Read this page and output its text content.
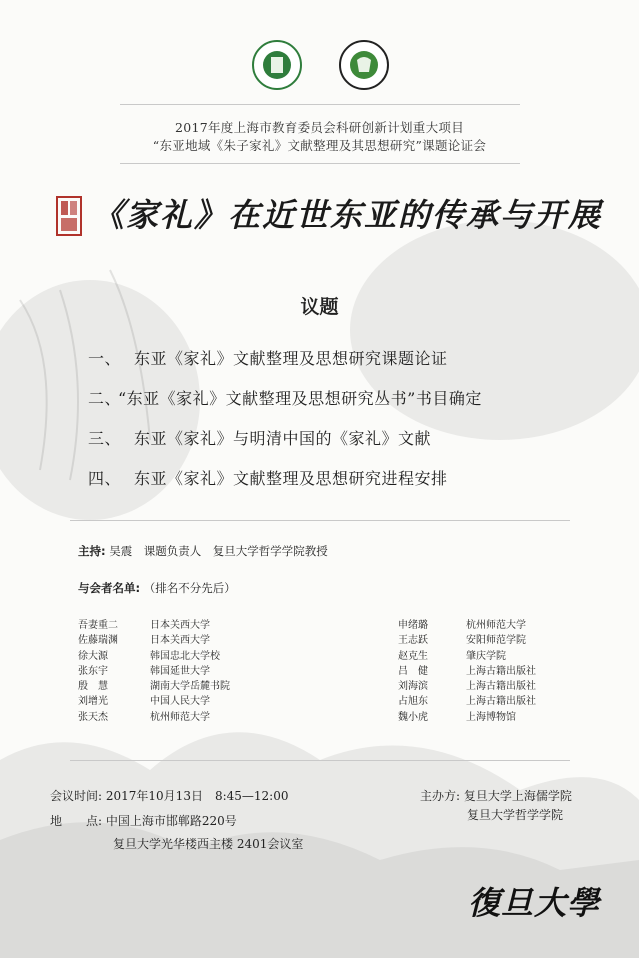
2017年度上海市教育委员会科研创新计划重大项目
“东亚地域《朱子家礼》文献整理及其思想研究”课题论证会
《家礼》在近世东亚的传承与开展
议题
一、 东亚《家礼》文献整理及思想研究课题论证
二、“东亚《家礼》文献整理及思想研究丛书”书目确定
三、 东亚《家礼》与明清中国的《家礼》文献
四、 东亚《家礼》文献整理及思想研究进程安排
主持: 吴震　课题负责人　复旦大学哲学学院教授
与会者名单: （排名不分先后）
吾妻重二	日本关西大学
佐藤瑞渊	日本关西大学
徐大源	韩国忠北大学校
张东宇	韩国延世大学
殷　慧	湖南大学岳麓书院
刘增光	中国人民大学
张天杰	杭州师范大学
申绪璐	杭州师范大学
王志跃	安阳师范学院
赵克生	肇庆学院
吕　健	上海古籍出版社
刘海滨	上海古籍出版社
占旭东	上海古籍出版社
魏小虎	上海博物馆
会议时间: 2017年10月13日　8:45—12:00
地　　点: 中国上海市邯郸路220号
复旦大学光华楼西主楼 2401会议室
主办方: 复旦大学上海儒学院
复旦大学哲学学院
復旦大學
